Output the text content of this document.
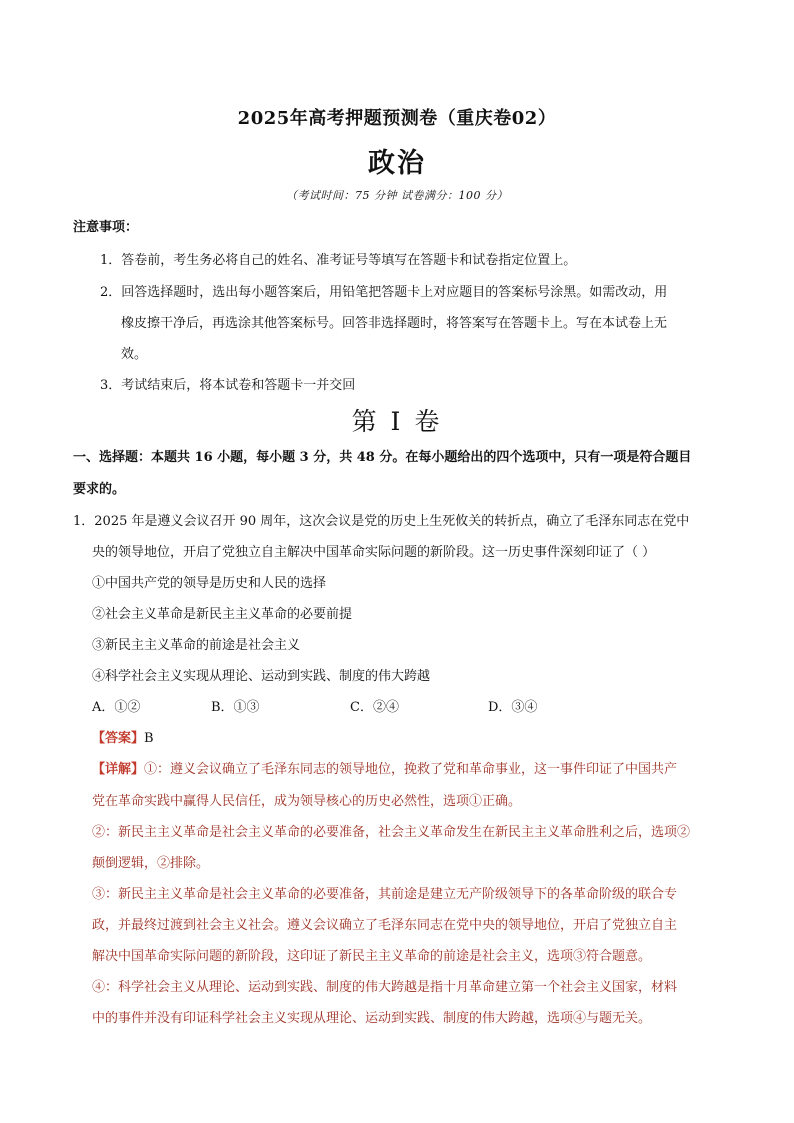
2025年高考押题预测卷（重庆卷02）
政治
（考试时间：75 分钟 试卷满分：100 分）
注意事项：
1．答卷前，考生务必将自己的姓名、准考证号等填写在答题卡和试卷指定位置上。
2．回答选择题时，选出每小题答案后，用铅笔把答题卡上对应题目的答案标号涂黑。如需改动，用
橡皮擦干净后，再选涂其他答案标号。回答非选择题时，将答案写在答题卡上。写在本试卷上无
效。
3．考试结束后，将本试卷和答题卡一并交回
第 I 卷
一、选择题：本题共 16 小题，每小题 3 分，共 48 分。在每小题给出的四个选项中，只有一项是符合题目
要求的。
1．2025 年是遵义会议召开 90 周年，这次会议是党的历史上生死攸关的转折点，确立了毛泽东同志在党中
央的领导地位，开启了党独立自主解决中国革命实际问题的新阶段。这一历史事件深刻印证了（ ）
①中国共产党的领导是历史和人民的选择
②社会主义革命是新民主主义革命的必要前提
③新民主主义革命的前途是社会主义
④科学社会主义实现从理论、运动到实践、制度的伟大跨越
A．①②	B．①③	C．②④	D．③④
【答案】B
【详解】①：遵义会议确立了毛泽东同志的领导地位，挽救了党和革命事业，这一事件印证了中国共产
党在革命实践中赢得人民信任，成为领导核心的历史必然性，选项①正确。
②：新民主主义革命是社会主义革命的必要准备，社会主义革命发生在新民主主义革命胜利之后，选项②
颠倒逻辑，②排除。
③：新民主主义革命是社会主义革命的必要准备，其前途是建立无产阶级领导下的各革命阶级的联合专
政，并最终过渡到社会主义社会。遵义会议确立了毛泽东同志在党中央的领导地位，开启了党独立自主
解决中国革命实际问题的新阶段，这印证了新民主主义革命的前途是社会主义，选项③符合题意。
④：科学社会主义从理论、运动到实践、制度的伟大跨越是指十月革命建立第一个社会主义国家，材料
中的事件并没有印证科学社会主义实现从理论、运动到实践、制度的伟大跨越，选项④与题无关。
